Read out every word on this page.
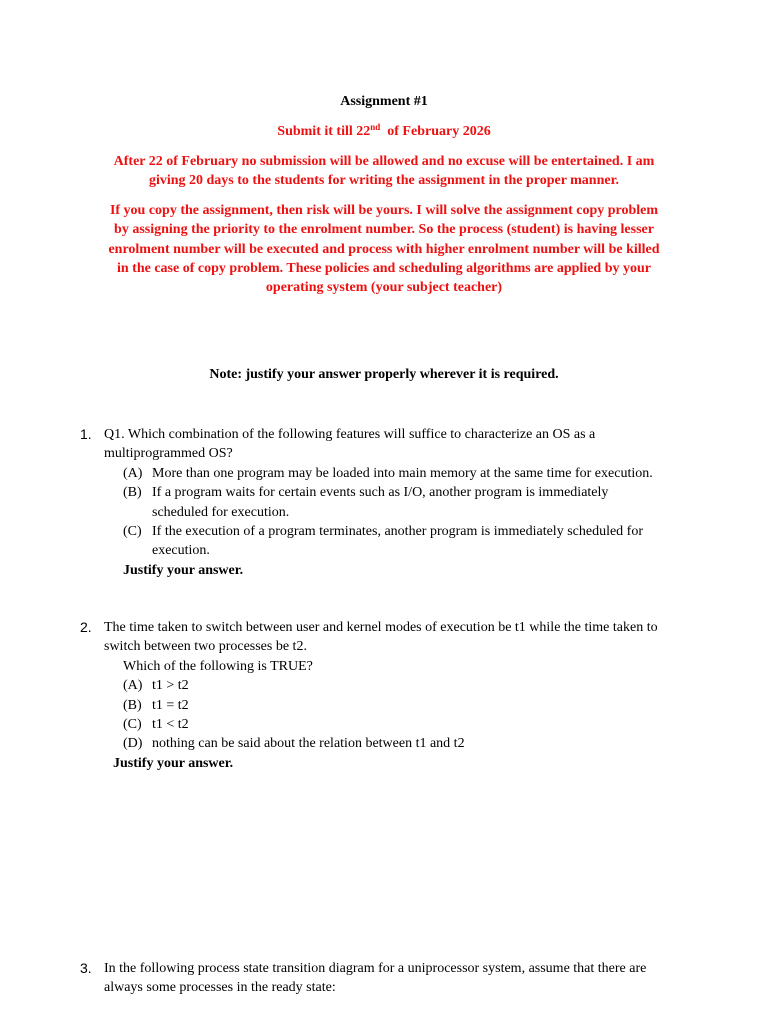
Assignment #1
Submit it till 22nd  of February 2026
After 22 of February no submission will be allowed and no excuse will be entertained. I am
giving 20 days to the students for writing the assignment in the proper manner.
If you copy the assignment, then risk will be yours. I will solve the assignment copy problem
by assigning the priority to the enrolment number. So the process (student) is having lesser
enrolment number will be executed and process with higher enrolment number will be killed
in the case of copy problem. These policies and scheduling algorithms are applied by your
operating system (your subject teacher)
Note: justify your answer properly wherever it is required.
1. Q1. Which combination of the following features will suffice to characterize an OS as a multiprogrammed OS?
(A) More than one program may be loaded into main memory at the same time for execution.
(B) If a program waits for certain events such as I/O, another program is immediately scheduled for execution.
(C) If the execution of a program terminates, another program is immediately scheduled for execution.
Justify your answer.
2. The time taken to switch between user and kernel modes of execution be t1 while the time taken to switch between two processes be t2.
Which of the following is TRUE?
(A) t1 > t2
(B) t1 = t2
(C) t1 < t2
(D) nothing can be said about the relation between t1 and t2
Justify your answer.
3. In the following process state transition diagram for a uniprocessor system, assume that there are always some processes in the ready state:
